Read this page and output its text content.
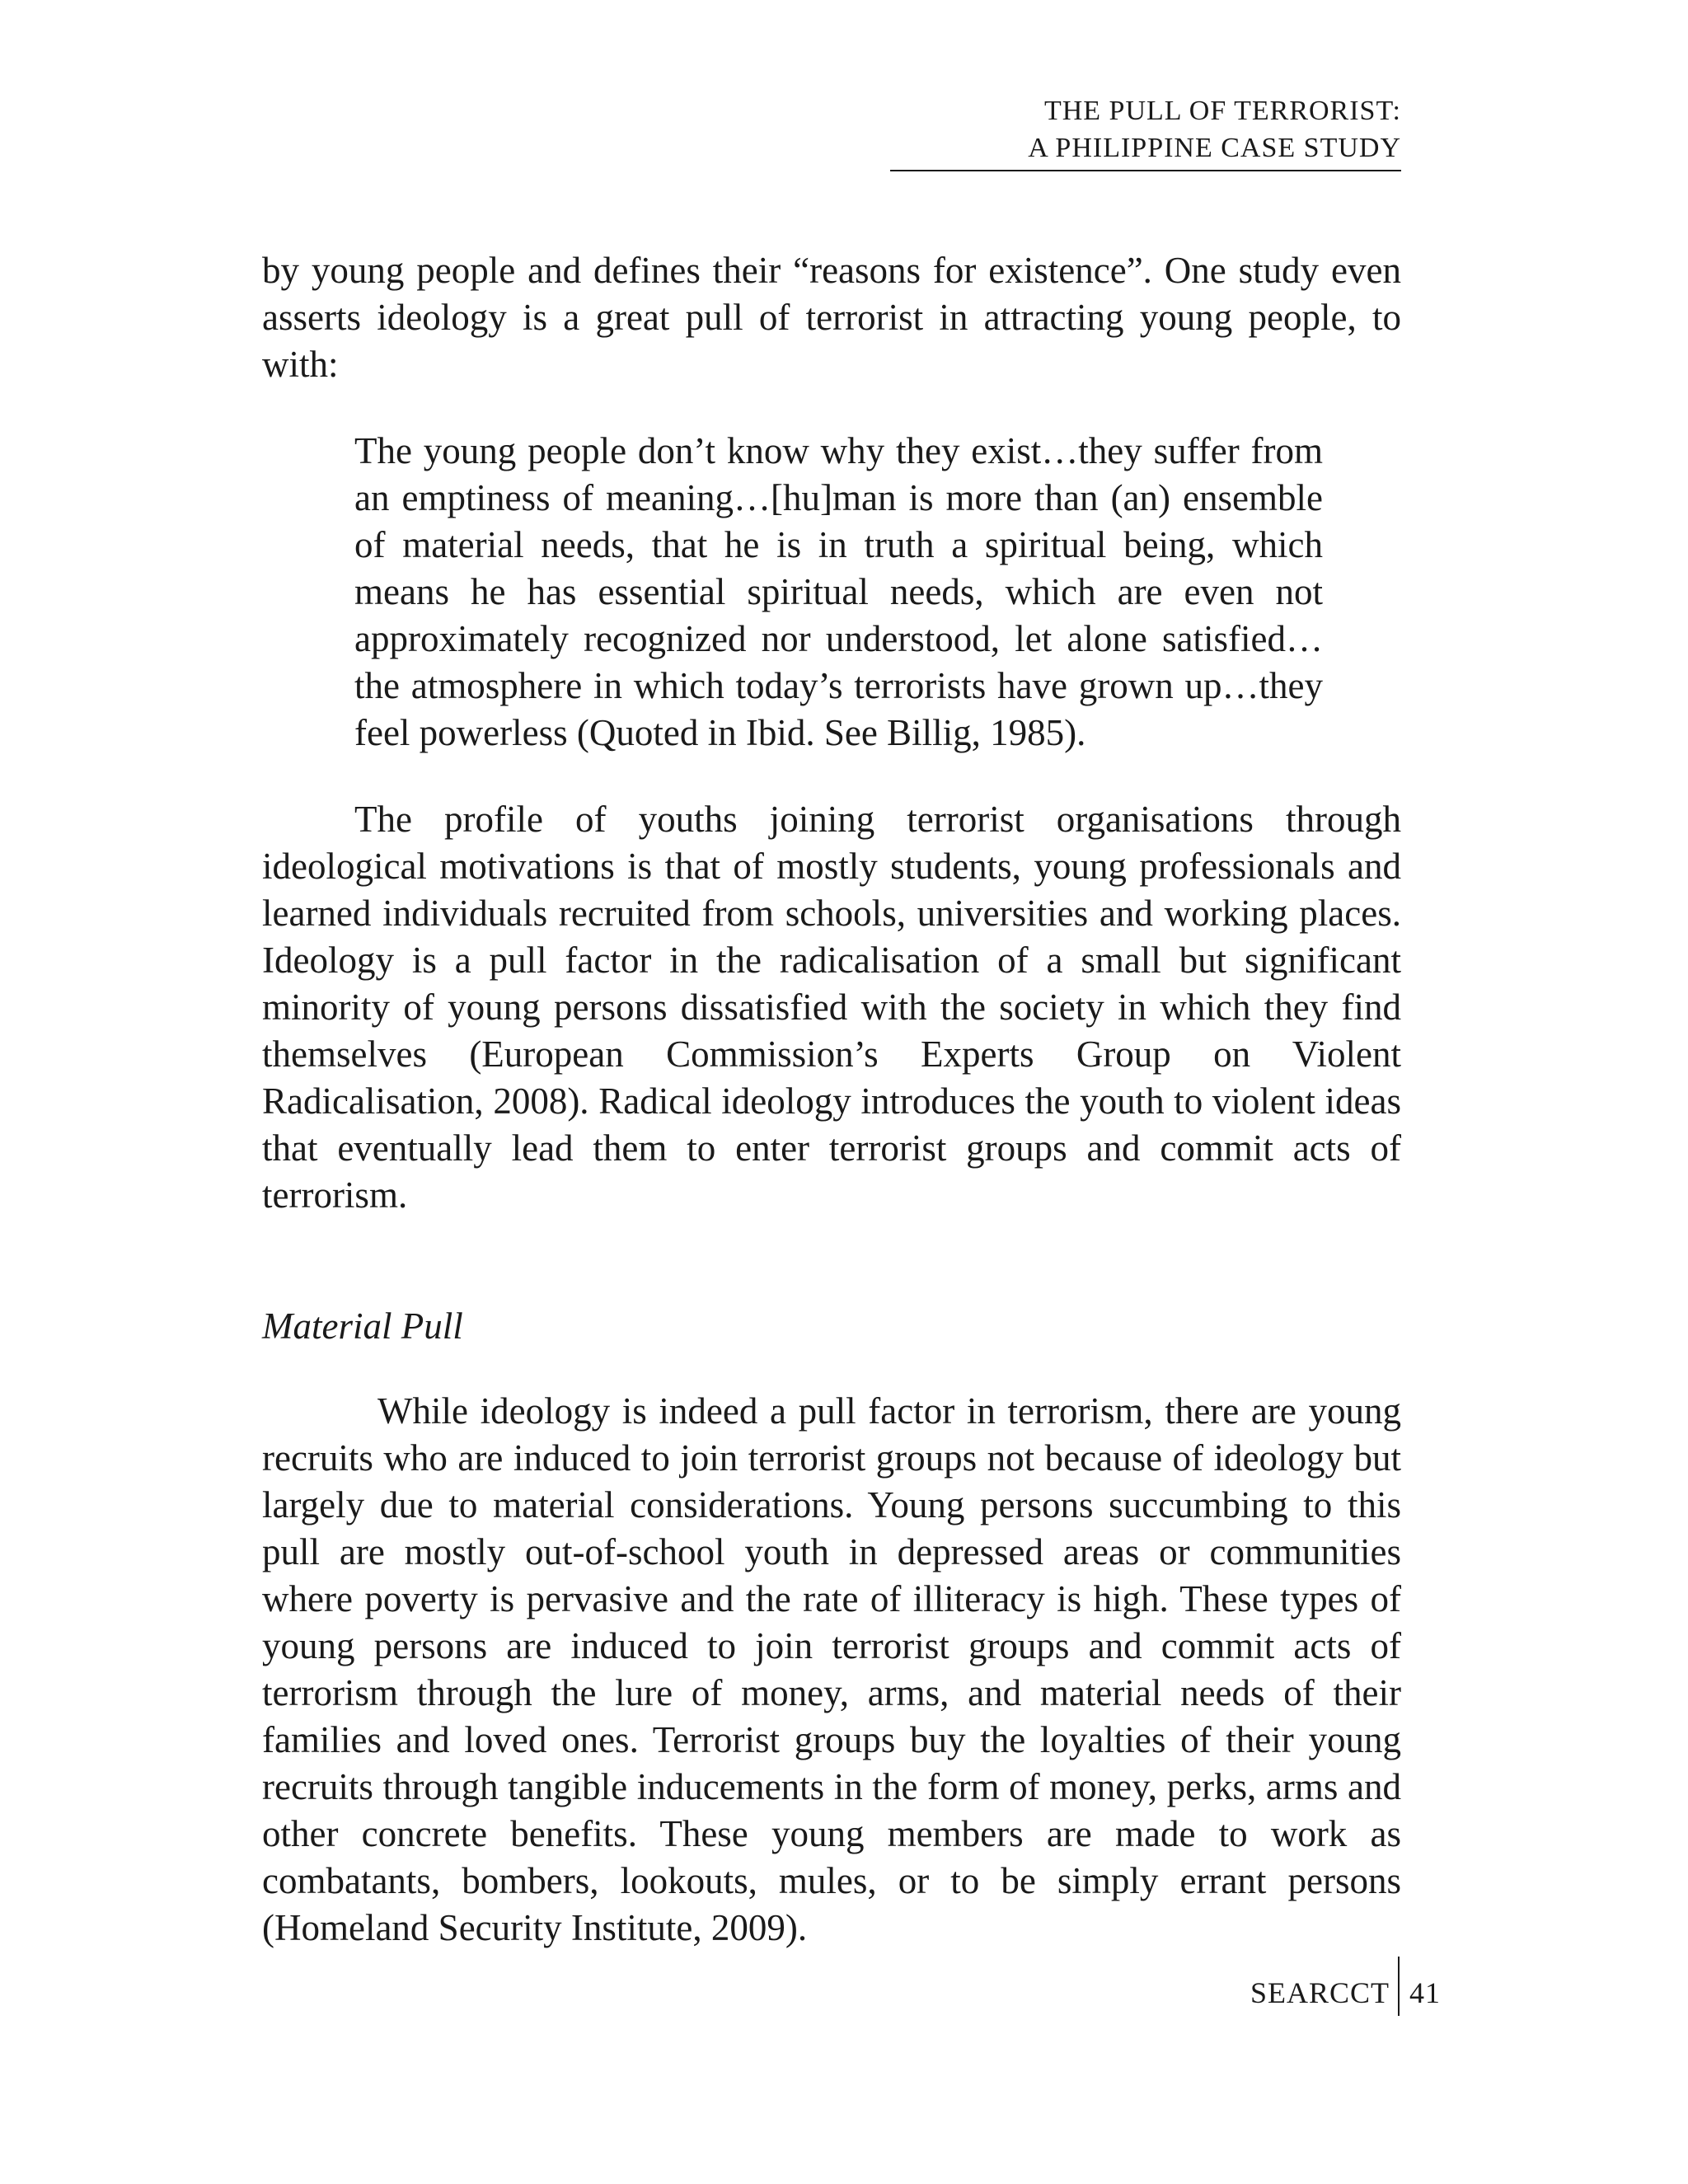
THE PULL OF TERRORIST:
A PHILIPPINE CASE STUDY

by young people and defines their “reasons for existence”. One study even asserts ideology is a great pull of terrorist in attracting young people, to with:

The young people don’t know why they exist…they suffer from an emptiness of meaning…[hu]man is more than (an) ensemble of material needs, that he is in truth a spiritual being, which means he has essential spiritual needs, which are even not approximately recognized nor understood, let alone satisfied…the atmosphere in which today’s terrorists have grown up…they feel powerless (Quoted in Ibid. See Billig, 1985).

The profile of youths joining terrorist organisations through ideological motivations is that of mostly students, young professionals and learned individuals recruited from schools, universities and working places. Ideology is a pull factor in the radicalisation of a small but significant minority of young persons dissatisfied with the society in which they find themselves (European Commission’s Experts Group on Violent Radicalisation, 2008). Radical ideology introduces the youth to violent ideas that eventually lead them to enter terrorist groups and commit acts of terrorism.

Material Pull

While ideology is indeed a pull factor in terrorism, there are young recruits who are induced to join terrorist groups not because of ideology but largely due to material considerations. Young persons succumbing to this pull are mostly out-of-school youth in depressed areas or communities where poverty is pervasive and the rate of illiteracy is high. These types of young persons are induced to join terrorist groups and commit acts of terrorism through the lure of money, arms, and material needs of their families and loved ones. Terrorist groups buy the loyalties of their young recruits through tangible inducements in the form of money, perks, arms and other concrete benefits. These young members are made to work as combatants, bombers, lookouts, mules, or to be simply errant persons (Homeland Security Institute, 2009).

SEARCCT 41
